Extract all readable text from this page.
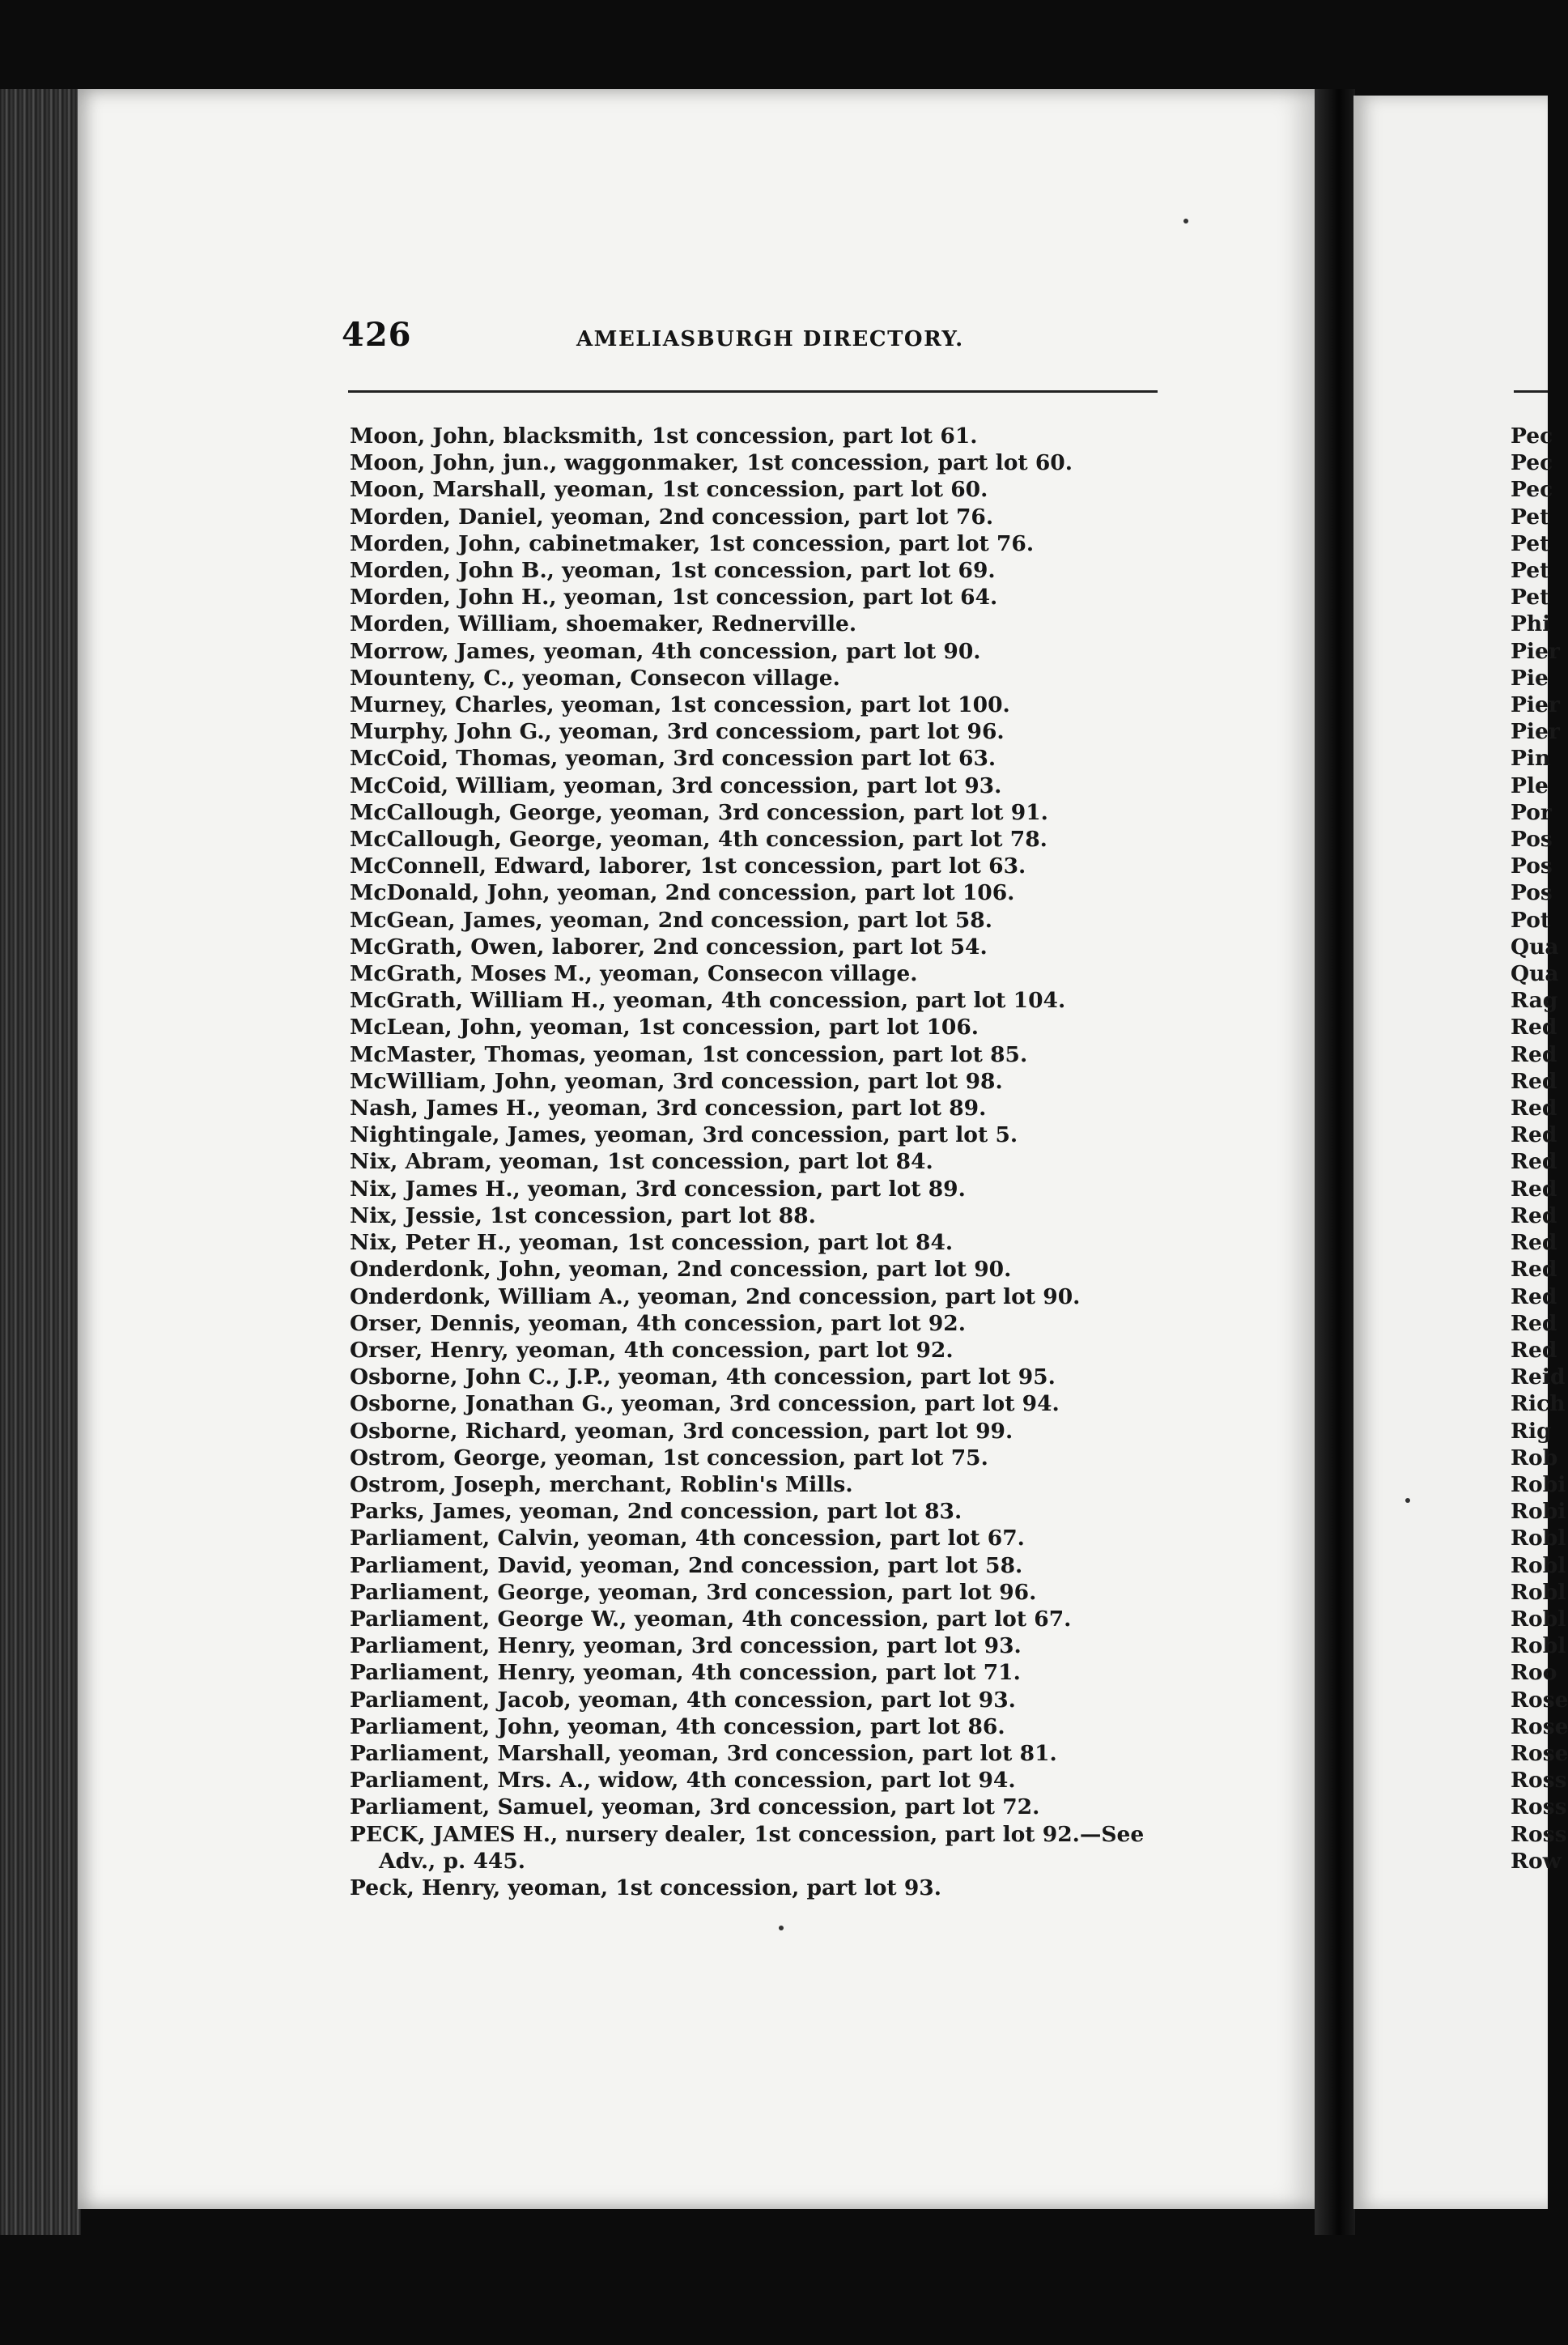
426	AMELIASBURGH DIRECTORY.
Moon, John, blacksmith, 1st concession, part lot 61.
Moon, John, jun., waggonmaker, 1st concession, part lot 60.
Moon, Marshall, yeoman, 1st concession, part lot 60.
Morden, Daniel, yeoman, 2nd concession, part lot 76.
Morden, John, cabinetmaker, 1st concession, part lot 76.
Morden, John B., yeoman, 1st concession, part lot 69.
Morden, John H., yeoman, 1st concession, part lot 64.
Morden, William, shoemaker, Rednerville.
Morrow, James, yeoman, 4th concession, part lot 90.
Mounteny, C., yeoman, Consecon village.
Murney, Charles, yeoman, 1st concession, part lot 100.
Murphy, John G., yeoman, 3rd concessiom, part lot 96.
McCoid, Thomas, yeoman, 3rd concession part lot 63.
McCoid, William, yeoman, 3rd concession, part lot 93.
McCallough, George, yeoman, 3rd concession, part lot 91.
McCallough, George, yeoman, 4th concession, part lot 78.
McConnell, Edward, laborer, 1st concession, part lot 63.
McDonald, John, yeoman, 2nd concession, part lot 106.
McGean, James, yeoman, 2nd concession, part lot 58.
McGrath, Owen, laborer, 2nd concession, part lot 54.
McGrath, Moses M., yeoman, Consecon village.
McGrath, William H., yeoman, 4th concession, part lot 104.
McLean, John, yeoman, 1st concession, part lot 106.
McMaster, Thomas, yeoman, 1st concession, part lot 85.
McWilliam, John, yeoman, 3rd concession, part lot 98.
Nash, James H., yeoman, 3rd concession, part lot 89.
Nightingale, James, yeoman, 3rd concession, part lot 5.
Nix, Abram, yeoman, 1st concession, part lot 84.
Nix, James H., yeoman, 3rd concession, part lot 89.
Nix, Jessie, 1st concession, part lot 88.
Nix, Peter H., yeoman, 1st concession, part lot 84.
Onderdonk, John, yeoman, 2nd concession, part lot 90.
Onderdonk, William A., yeoman, 2nd concession, part lot 90.
Orser, Dennis, yeoman, 4th concession, part lot 92.
Orser, Henry, yeoman, 4th concession, part lot 92.
Osborne, John C., J.P., yeoman, 4th concession, part lot 95.
Osborne, Jonathan G., yeoman, 3rd concession, part lot 94.
Osborne, Richard, yeoman, 3rd concession, part lot 99.
Ostrom, George, yeoman, 1st concession, part lot 75.
Ostrom, Joseph, merchant, Roblin's Mills.
Parks, James, yeoman, 2nd concession, part lot 83.
Parliament, Calvin, yeoman, 4th concession, part lot 67.
Parliament, David, yeoman, 2nd concession, part lot 58.
Parliament, George, yeoman, 3rd concession, part lot 96.
Parliament, George W., yeoman, 4th concession, part lot 67.
Parliament, Henry, yeoman, 3rd concession, part lot 93.
Parliament, Henry, yeoman, 4th concession, part lot 71.
Parliament, Jacob, yeoman, 4th concession, part lot 93.
Parliament, John, yeoman, 4th concession, part lot 86.
Parliament, Marshall, yeoman, 3rd concession, part lot 81.
Parliament, Mrs. A., widow, 4th concession, part lot 94.
Parliament, Samuel, yeoman, 3rd concession, part lot 72.
PECK, JAMES H., nursery dealer, 1st concession, part lot 92.—See
Adv., p. 445.
Peck, Henry, yeoman, 1st concession, part lot 93.
Pec
Pec
Pec
Pet
Pet
Pet
Pet
Phi
Pier
Pie
Pier
Pier
Pin
Ple
Por
Pos
Pos
Pos
Pot
Qua
Qua
Rag
Red
Red
Red
Red
Red
Red
Red
Red
Red
Red
Red
Red
Red
Reid
Rich
Rig
Rob
Robi
Robi
Robl
Robl
Robl
Robl
Robl
Roo
Rose
Rose
Rose
Ross
Ross
Ross
Row
